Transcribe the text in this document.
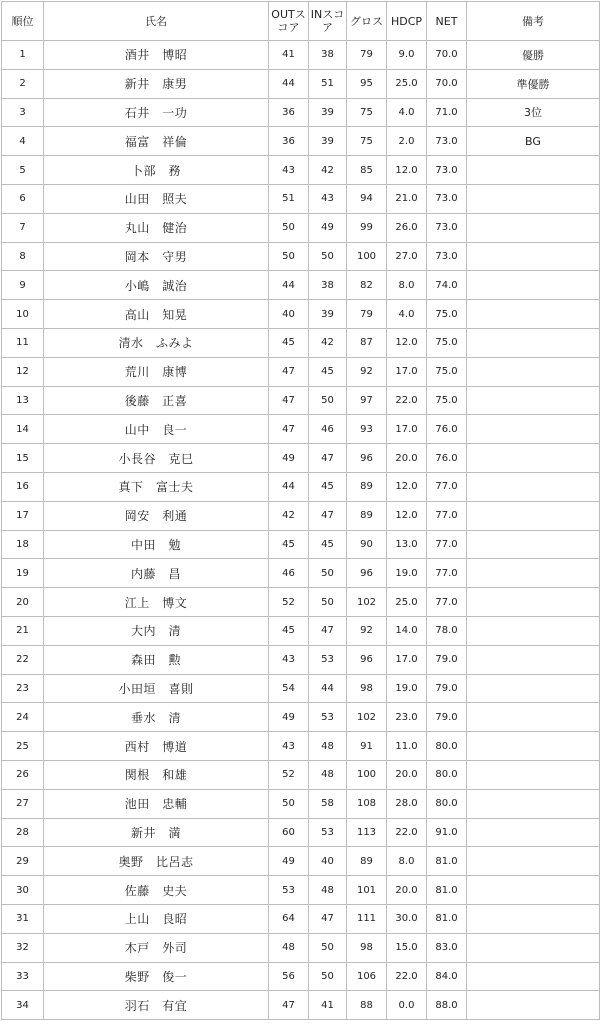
順位	氏名	OUTスコア	INスコア	グロス	HDCP	NET	備考
1	酒井　博昭	41	38	79	9.0	70.0	優勝
2	新井　康男	44	51	95	25.0	70.0	準優勝
3	石井　一功	36	39	75	4.0	71.0	3位
4	福富　祥倫	36	39	75	2.0	73.0	BG
5	卜部　務	43	42	85	12.0	73.0	
6	山田　照夫	51	43	94	21.0	73.0	
7	丸山　健治	50	49	99	26.0	73.0	
8	岡本　守男	50	50	100	27.0	73.0	
9	小嶋　誠治	44	38	82	8.0	74.0	
10	高山　知晃	40	39	79	4.0	75.0	
11	清水　ふみよ	45	42	87	12.0	75.0	
12	荒川　康博	47	45	92	17.0	75.0	
13	後藤　正喜	47	50	97	22.0	75.0	
14	山中　良一	47	46	93	17.0	76.0	
15	小長谷　克巳	49	47	96	20.0	76.0	
16	真下　富士夫	44	45	89	12.0	77.0	
17	岡安　利通	42	47	89	12.0	77.0	
18	中田　勉	45	45	90	13.0	77.0	
19	内藤　昌	46	50	96	19.0	77.0	
20	江上　博文	52	50	102	25.0	77.0	
21	大内　清	45	47	92	14.0	78.0	
22	森田　勲	43	53	96	17.0	79.0	
23	小田垣　喜則	54	44	98	19.0	79.0	
24	垂水　清	49	53	102	23.0	79.0	
25	西村　博道	43	48	91	11.0	80.0	
26	関根　和雄	52	48	100	20.0	80.0	
27	池田　忠輔	50	58	108	28.0	80.0	
28	新井　満	60	53	113	22.0	91.0	
29	奥野　比呂志	49	40	89	8.0	81.0	
30	佐藤　史夫	53	48	101	20.0	81.0	
31	上山　良昭	64	47	111	30.0	81.0	
32	木戸　外司	48	50	98	15.0	83.0	
33	柴野　俊一	56	50	106	22.0	84.0	
34	羽石　有宜	47	41	88	0.0	88.0	
